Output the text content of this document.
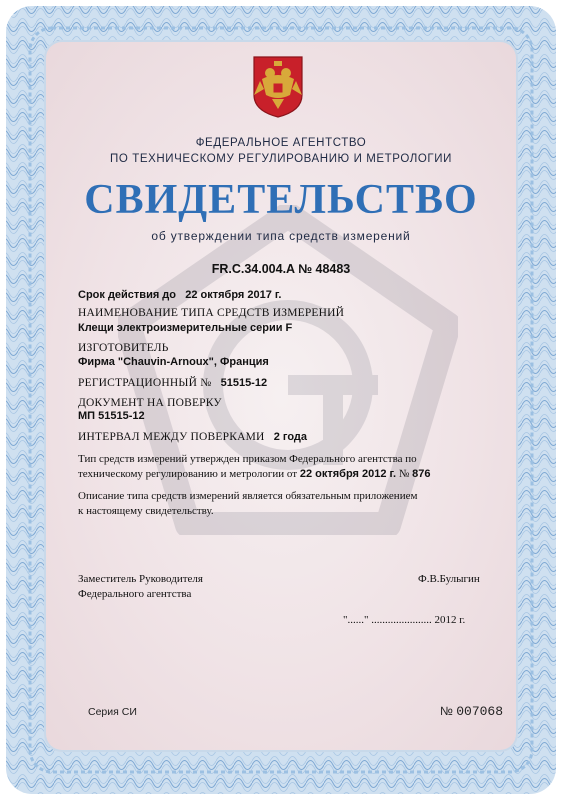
ФЕДЕРАЛЬНОЕ АГЕНТСТВО
ПО ТЕХНИЧЕСКОМУ РЕГУЛИРОВАНИЮ И МЕТРОЛОГИИ
СВИДЕТЕЛЬСТВО
об утверждении типа средств измерений
FR.C.34.004.A № 48483
Срок действия до 22 октября 2017 г.
НАИМЕНОВАНИЕ ТИПА СРЕДСТВ ИЗМЕРЕНИЙ
Клещи электроизмерительные серии F
ИЗГОТОВИТЕЛЬ
Фирма "Chauvin-Arnoux", Франция
РЕГИСТРАЦИОННЫЙ № 51515-12
ДОКУМЕНТ НА ПОВЕРКУ
МП 51515-12
ИНТЕРВАЛ МЕЖДУ ПОВЕРКАМИ 2 года
Тип средств измерений утвержден приказом Федерального агентства по
техническому регулированию и метрологии от 22 октября 2012 г. № 876
Описание типа средств измерений является обязательным приложением
к настоящему свидетельству.
Заместитель Руководителя
Федерального агентства
Ф.В.Булыгин
"......" ...................... 2012 г.
Серия СИ	№ 007068
